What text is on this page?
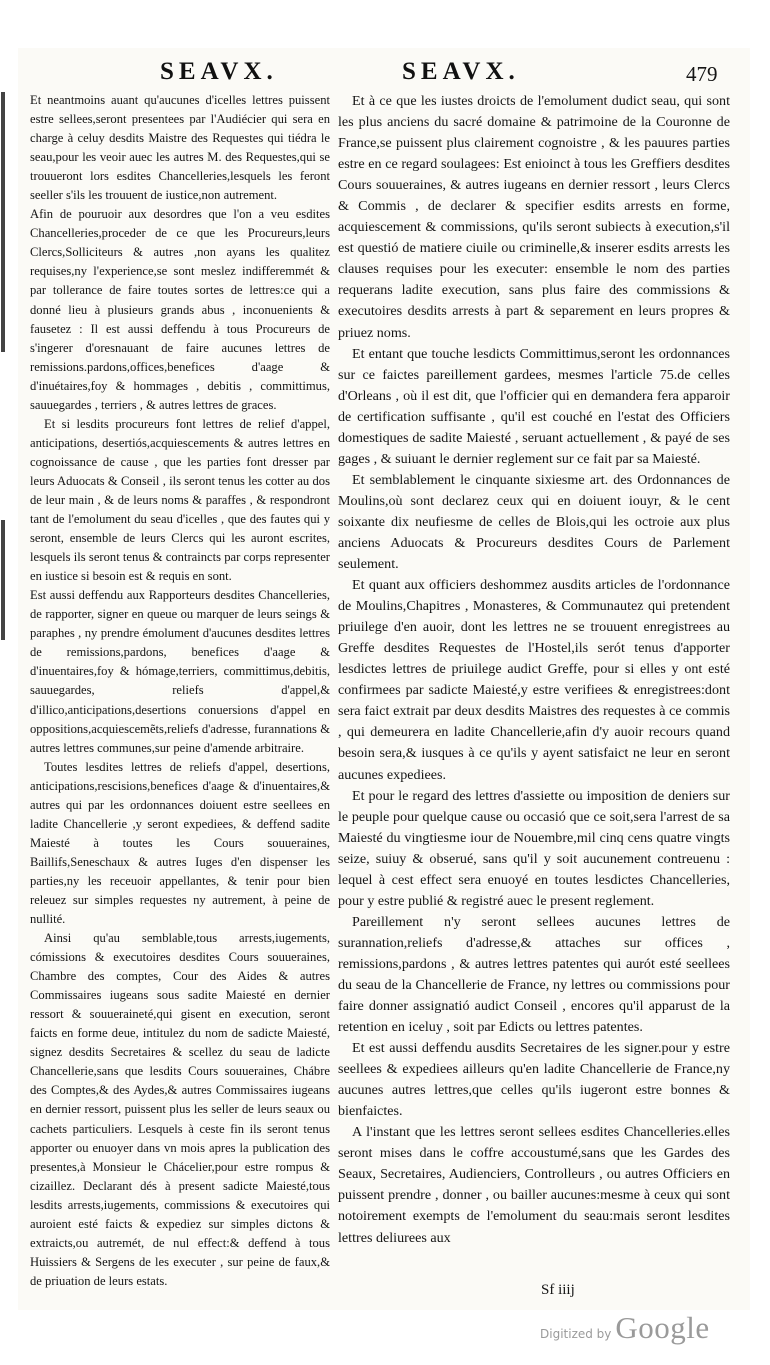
SEAVX.	SEAVX.	479

Et neantmoins auant qu'aucunes d'icelles lettres puissent estre sellees,seront presentees par l'Audiécier qui sera en charge à celuy desdits Maistre des Requestes qui tiédra le seau,pour les veoir auec les autres M. des Requestes,qui se trouueront lors esdites Chancelleries,lesquels les feront seeller s'ils les trouuent de iustice,non autrement.

Afin de pouruoir aux desordres que l'on a veu esdites Chancelleries,proceder de ce que les Procureurs,leurs Clercs,Solliciteurs & autres ,non ayans les qualitez requises,ny l'experience,se sont meslez indifferemmét & par tollerance de faire toutes sortes de lettres:ce qui a donné lieu à plusieurs grands abus , inconuenients & fausetez : Il est aussi deffendu à tous Procureurs de s'ingerer d'oresnauant de faire aucunes lettres de remissions.pardons,offices,benefices d'aage & d'inuétaires,foy & hommages , debitis , committimus, sauuegardes , terriers , & autres lettres de graces.

Et si lesdits procureurs font lettres de relief d'appel, anticipations, desertiós,acquiescements & autres lettres en cognoissance de cause , que les parties font dresser par leurs Aduocats & Conseil , ils seront tenus les cotter au dos de leur main , & de leurs noms & paraffes , & respondront tant de l'emolument du seau d'icelles , que des fautes qui y seront, ensemble de leurs Clercs qui les auront escrites, lesquels ils seront tenus & contraincts par corps representer en iustice si besoin est & requis en sont.

Est aussi deffendu aux Rapporteurs desdites Chancelleries, de rapporter, signer en queue ou marquer de leurs seings & paraphes , ny prendre émolument d'aucunes desdites lettres de remissions,pardons, benefices d'aage & d'inuentaires,foy & hómage,terriers, committimus,debitis, sauuegardes, reliefs d'appel,& d'illico,anticipations,desertions conuersions d'appel en oppositions,acquiescemẽts,reliefs d'adresse, furannations & autres lettres communes,sur peine d'amende arbitraire.

Toutes lesdites lettres de reliefs d'appel, desertions, anticipations,rescisions,benefices d'aage & d'inuentaires,& autres qui par les ordonnances doiuent estre seellees en ladite Chancellerie ,y seront expediees, & deffend sadite Maiesté à toutes les Cours souueraines, Baillifs,Seneschaux & autres Iuges d'en dispenser les parties,ny les receuoir appellantes, & tenir pour bien releuez sur simples requestes ny autrement, à peine de nullité.

Ainsi qu'au semblable,tous arrests,iugements, cómissions & executoires desdites Cours souueraines, Chambre des comptes, Cour des Aides & autres Commissaires iugeans sous sadite Maiesté en dernier ressort & souueraineté,qui gisent en execution, seront faicts en forme deue, intitulez du nom de sadicte Maiesté, signez desdits Secretaires & scellez du seau de ladicte Chancellerie,sans que lesdits Cours souueraines, Chábre des Comptes,& des Aydes,& autres Commissaires iugeans en dernier ressort, puissent plus les seller de leurs seaux ou cachets particuliers. Lesquels à ceste fin ils seront tenus apporter ou enuoyer dans vn mois apres la publication des presentes,à Monsieur le Chácelier,pour estre rompus & cizaillez. Declarant dés à present sadicte Maiesté,tous lesdits arrests,iugements, commissions & executoires qui auroient esté faicts & expediez sur simples dictons & extraicts,ou autremét, de nul effect:& deffend à tous Huissiers & Sergens de les executer , sur peine de faux,& de priuation de leurs estats.

Et à ce que les iustes droicts de l'emolument dudict seau, qui sont les plus anciens du sacré domaine & patrimoine de la Couronne de France,se puissent plus clairement cognoistre , & les pauures parties estre en ce regard soulagees: Est enioinct à tous les Greffiers desdites Cours souueraines, & autres iugeans en dernier ressort , leurs Clercs & Commis , de declarer & specifier esdits arrests en forme, acquiescement & commissions, qu'ils seront subiects à execution,s'il est questió de matiere ciuile ou criminelle,& inserer esdits arrests les clauses requises pour les executer: ensemble le nom des parties requerans ladite execution, sans plus faire des commissions & executoires desdits arrests à part & separement en leurs propres & priuez noms.

Et entant que touche lesdicts Committimus,seront les ordonnances sur ce faictes pareillement gardees, mesmes l'article 75.de celles d'Orleans , où il est dit, que l'officier qui en demandera fera apparoir de certification suffisante , qu'il est couché en l'estat des Officiers domestiques de sadite Maiesté , seruant actuellement , & payé de ses gages , & suiuant le dernier reglement sur ce fait par sa Maiesté.

Et semblablement le cinquante sixiesme art. des Ordonnances de Moulins,où sont declarez ceux qui en doiuent iouyr, & le cent soixante dix neufiesme de celles de Blois,qui les octroie aux plus anciens Aduocats & Procureurs desdites Cours de Parlement seulement.

Et quant aux officiers deshommez ausdits articles de l'ordonnance de Moulins,Chapitres , Monasteres, & Communautez qui pretendent priuilege d'en auoir, dont les lettres ne se trouuent enregistrees au Greffe desdites Requestes de l'Hostel,ils serót tenus d'apporter lesdictes lettres de priuilege audict Greffe, pour si elles y ont esté confirmees par sadicte Maiesté,y estre verifiees & enregistrees:dont sera faict extrait par deux desdits Maistres des requestes à ce commis , qui demeurera en ladite Chancellerie,afin d'y auoir recours quand besoin sera,& iusques à ce qu'ils y ayent satisfaict ne leur en seront aucunes expediees.

Et pour le regard des lettres d'assiette ou imposition de deniers sur le peuple pour quelque cause ou occasió que ce soit,sera l'arrest de sa Maiesté du vingtiesme iour de Nouembre,mil cinq cens quatre vingts seize, suiuy & obserué, sans qu'il y soit aucunement contreuenu : lequel à cest effect sera enuoyé en toutes lesdictes Chancelleries, pour y estre publié & registré auec le present reglement.

Pareillement n'y seront sellees aucunes lettres de surannation,reliefs d'adresse,& attaches sur offices , remissions,pardons , & autres lettres patentes qui aurót esté seellees du seau de la Chancellerie de France, ny lettres ou commissions pour faire donner assignatió audict Conseil , encores qu'il apparust de la retention en iceluy , soit par Edicts ou lettres patentes.

Et est aussi deffendu ausdits Secretaires de les signer.pour y estre seellees & expediees ailleurs qu'en ladite Chancellerie de France,ny aucunes autres lettres,que celles qu'ils iugeront estre bonnes & bienfaictes.

A l'instant que les lettres seront sellees esdites Chancelleries.elles seront mises dans le coffre accoustumé,sans que les Gardes des Seaux, Secretaires, Audienciers, Controlleurs , ou autres Officiers en puissent prendre , donner , ou bailler aucunes:mesme à ceux qui sont notoirement exempts de l'emolument du seau:mais seront lesdites lettres deliurees aux

Sf iiij
Digitized by Google
